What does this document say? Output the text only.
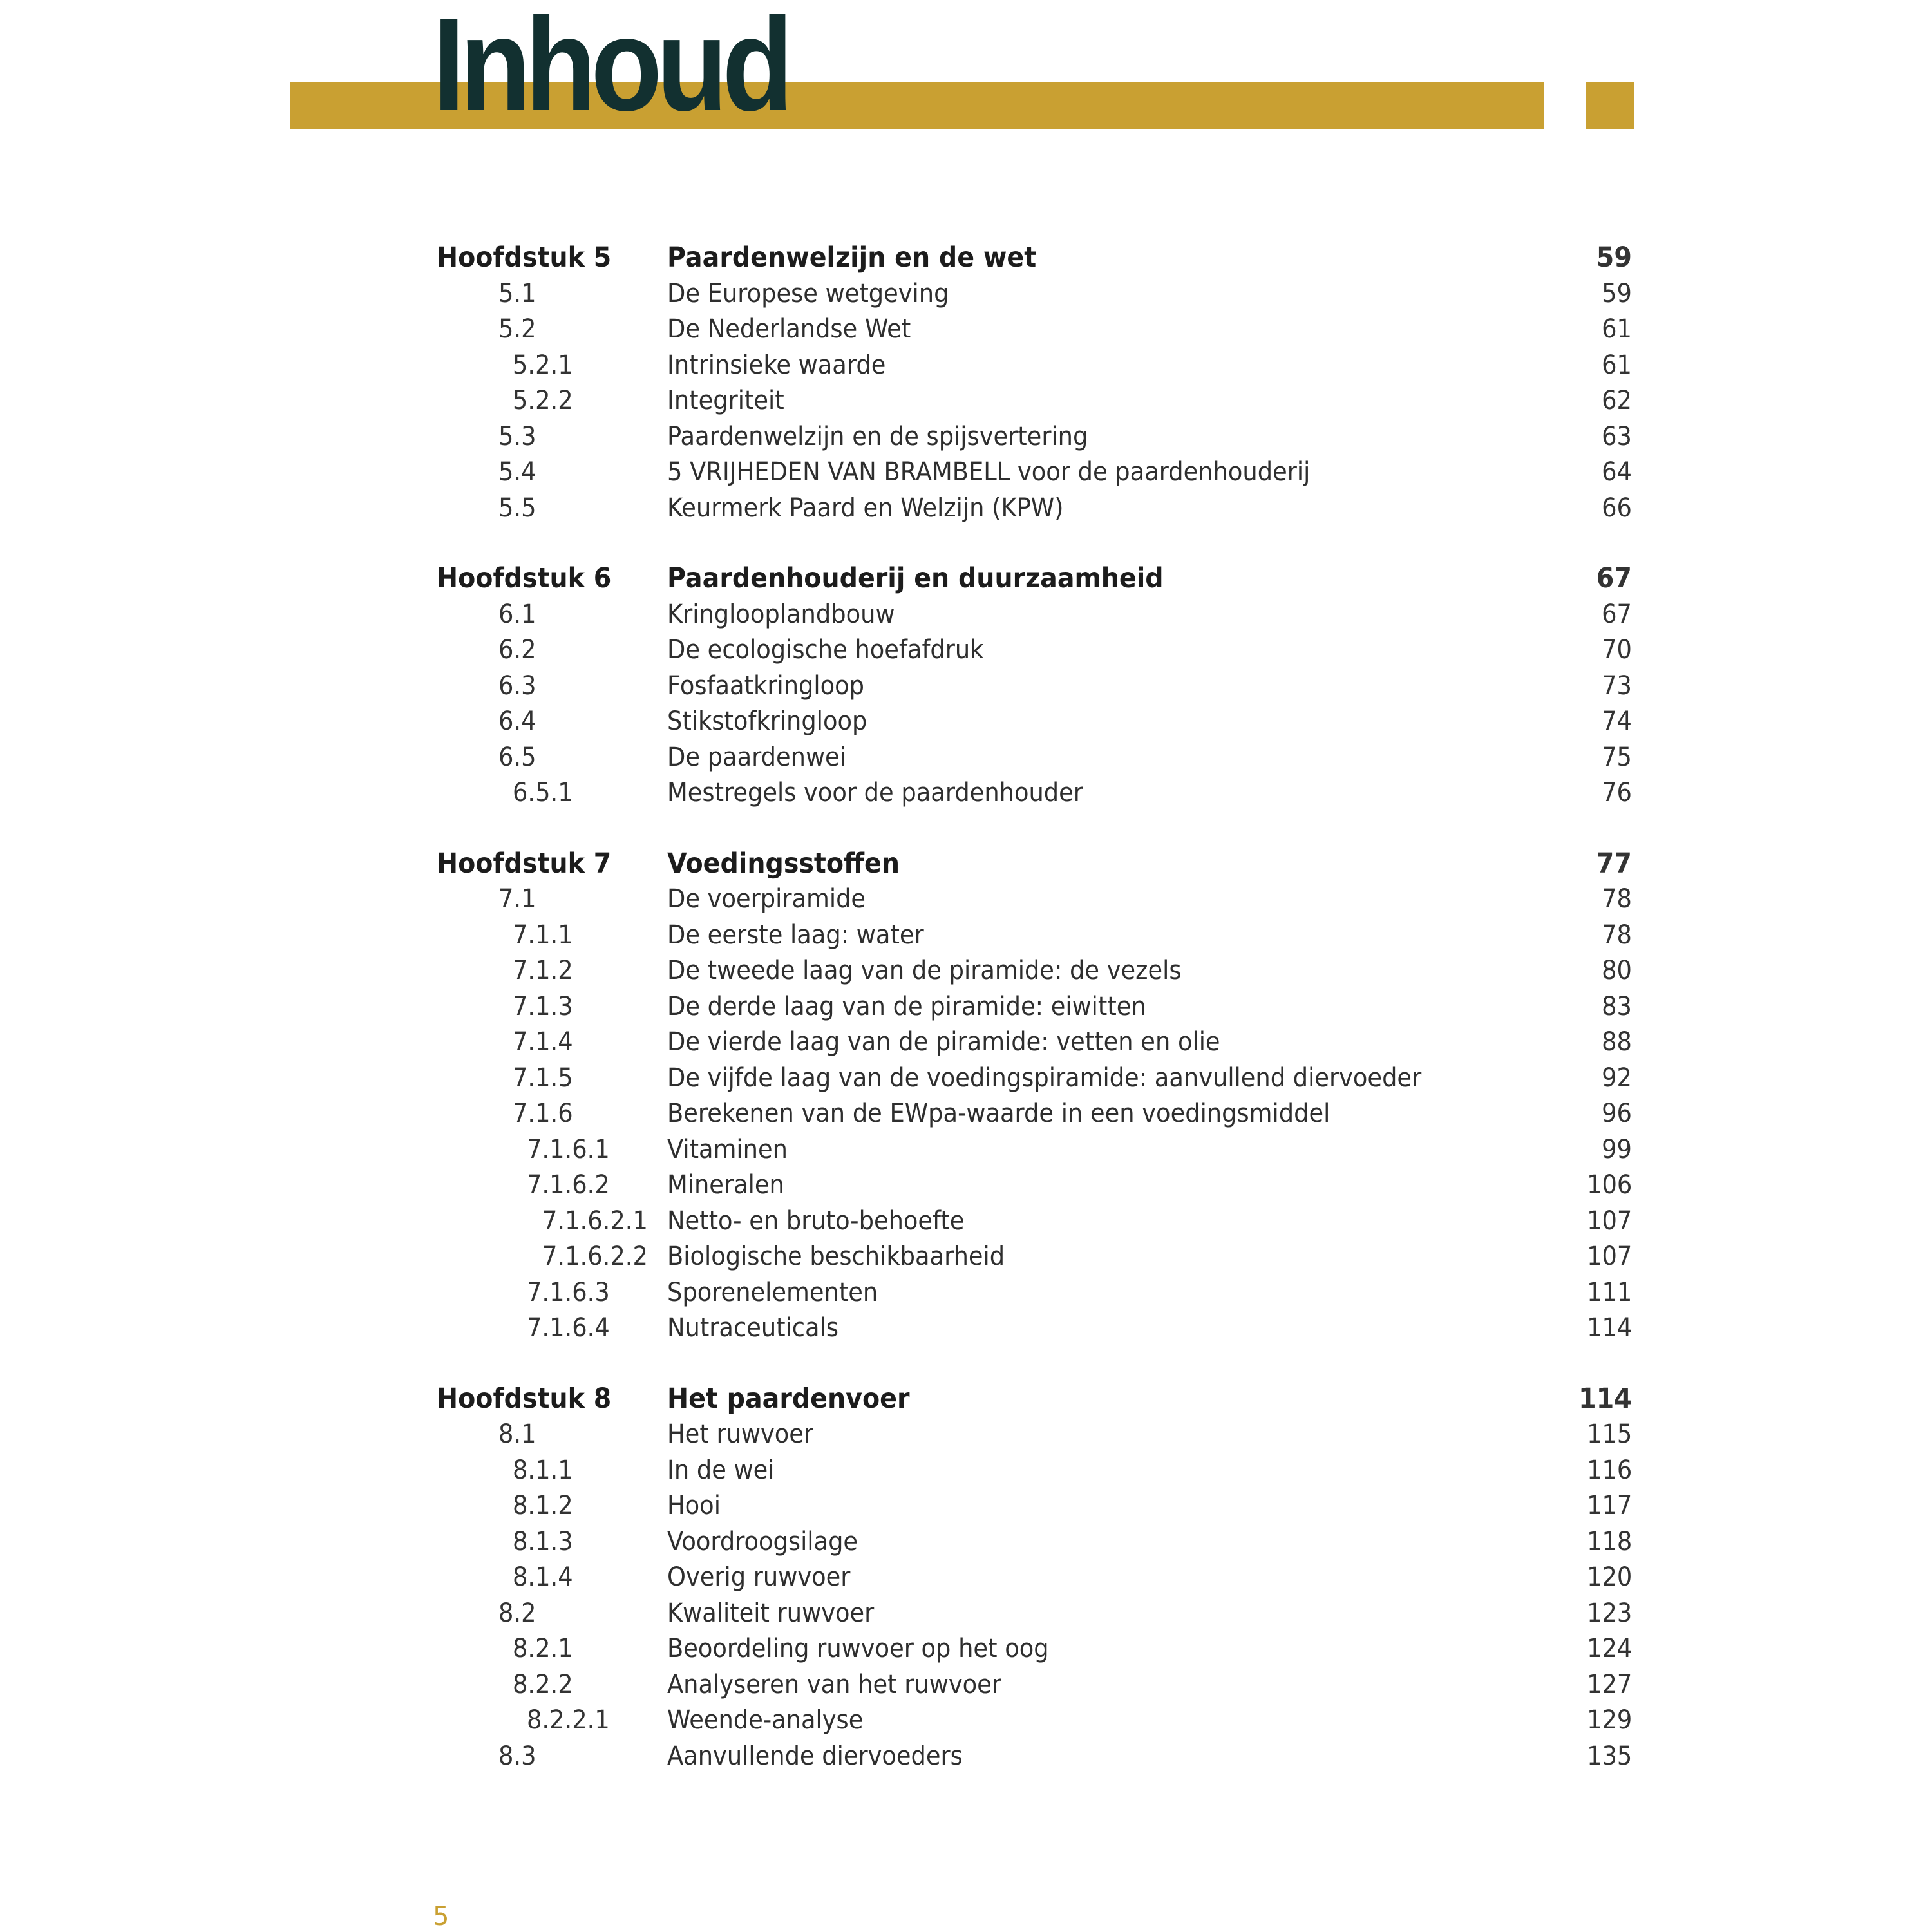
Inhoud
Hoofdstuk 5 Paardenwelzijn en de wet	59
5.1	De Europese wetgeving	59
5.2	De Nederlandse Wet	61
5.2.1	Intrinsieke waarde	61
5.2.2	Integriteit	62
5.3	Paardenwelzijn en de spijsvertering	63
5.4	5 VRIJHEDEN VAN BRAMBELL voor de paardenhouderij	64
5.5	Keurmerk Paard en Welzijn (KPW)	66
Hoofdstuk 6 Paardenhouderij en duurzaamheid	67
6.1	Kringlooplandbouw	67
6.2	De ecologische hoefafdruk	70
6.3	Fosfaatkringloop	73
6.4	Stikstofkringloop	74
6.5	De paardenwei	75
6.5.1	Mestregels voor de paardenhouder	76
Hoofdstuk 7 Voedingsstoffen	77
7.1	De voerpiramide	78
7.1.1	De eerste laag: water	78
7.1.2	De tweede laag van de piramide: de vezels	80
7.1.3	De derde laag van de piramide: eiwitten	83
7.1.4	De vierde laag van de piramide: vetten en olie	88
7.1.5	De vijfde laag van de voedingspiramide: aanvullend diervoeder	92
7.1.6	Berekenen van de EWpa-waarde in een voedingsmiddel	96
7.1.6.1 Vitaminen	99
7.1.6.2 Mineralen	106
7.1.6.2.1 Netto- en bruto-behoefte	107
7.1.6.2.2 Biologische beschikbaarheid	107
7.1.6.3 Sporenelementen	111
7.1.6.4 Nutraceuticals	114
Hoofdstuk 8 Het paardenvoer	114
8.1	Het ruwvoer	115
8.1.1	In de wei	116
8.1.2	Hooi	117
8.1.3	Voordroogsilage	118
8.1.4	Overig ruwvoer	120
8.2	Kwaliteit ruwvoer	123
8.2.1	Beoordeling ruwvoer op het oog	124
8.2.2	Analyseren van het ruwvoer	127
8.2.2.1 Weende-analyse	129
8.3	Aanvullende diervoeders	135
5
